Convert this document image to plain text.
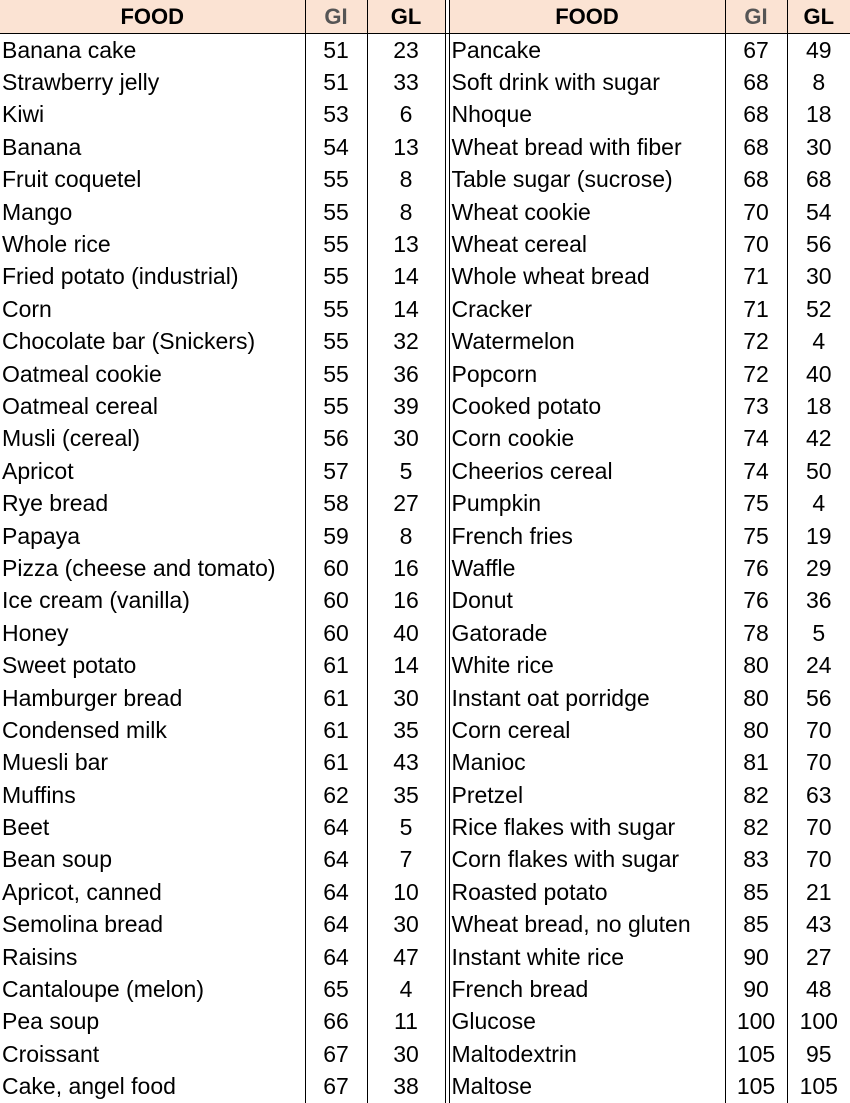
FOOD	GI	GL		FOOD	GI	GL
Banana cake	51	23		Pancake	67	49
Strawberry jelly	51	33		Soft drink with sugar	68	8
Kiwi	53	6		Nhoque	68	18
Banana	54	13		Wheat bread with fiber	68	30
Fruit coquetel	55	8		Table sugar (sucrose)	68	68
Mango	55	8		Wheat cookie	70	54
Whole rice	55	13		Wheat cereal	70	56
Fried potato (industrial)	55	14		Whole wheat bread	71	30
Corn	55	14		Cracker	71	52
Chocolate bar (Snickers)	55	32		Watermelon	72	4
Oatmeal cookie	55	36		Popcorn	72	40
Oatmeal cereal	55	39		Cooked potato	73	18
Musli (cereal)	56	30		Corn cookie	74	42
Apricot	57	5		Cheerios cereal	74	50
Rye bread	58	27		Pumpkin	75	4
Papaya	59	8		French fries	75	19
Pizza (cheese and tomato)	60	16		Waffle	76	29
Ice cream (vanilla)	60	16		Donut	76	36
Honey	60	40		Gatorade	78	5
Sweet potato	61	14		White rice	80	24
Hamburger bread	61	30		Instant oat porridge	80	56
Condensed milk	61	35		Corn cereal	80	70
Muesli bar	61	43		Manioc	81	70
Muffins	62	35		Pretzel	82	63
Beet	64	5		Rice flakes with sugar	82	70
Bean soup	64	7		Corn flakes with sugar	83	70
Apricot, canned	64	10		Roasted potato	85	21
Semolina bread	64	30		Wheat bread, no gluten	85	43
Raisins	64	47		Instant white rice	90	27
Cantaloupe (melon)	65	4		French bread	90	48
Pea soup	66	11		Glucose	100	100
Croissant	67	30		Maltodextrin	105	95
Cake, angel food	67	38		Maltose	105	105
